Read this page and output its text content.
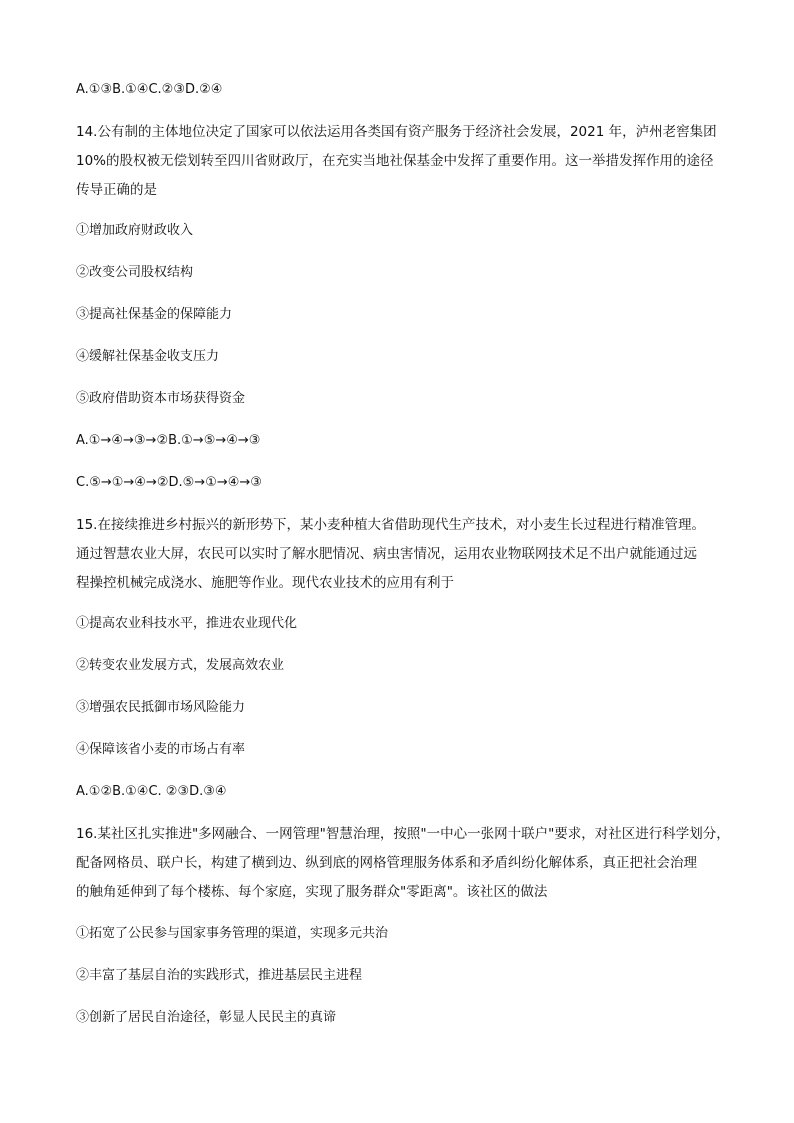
A.①③B.①④C.②③D.②④
14.公有制的主体地位决定了国家可以依法运用各类国有资产服务于经济社会发展，2021 年，泸州老窖集团
10%的股权被无偿划转至四川省财政厅，在充实当地社保基金中发挥了重要作用。这一举措发挥作用的途径
传导正确的是
①增加政府财政收入
②改变公司股权结构
③提高社保基金的保障能力
④缓解社保基金收支压力
⑤政府借助资本市场获得资金
A.①→④→③→②B.①→⑤→④→③
C.⑤→①→④→②D.⑤→①→④→③
15.在接续推进乡村振兴的新形势下，某小麦种植大省借助现代生产技术，对小麦生长过程进行精准管理。
通过智慧农业大屏，农民可以实时了解水肥情况、病虫害情况，运用农业物联网技术足不出户就能通过远
程操控机械完成浇水、施肥等作业。现代农业技术的应用有利于
①提高农业科技水平，推进农业现代化
②转变农业发展方式，发展高效农业
③增强农民抵御市场风险能力
④保障该省小麦的市场占有率
A.①②B.①④C. ②③D.③④
16.某社区扎实推进"多网融合、一网管理"智慧治理，按照"一中心一张网十联户"要求，对社区进行科学划分，
配备网格员、联户长，构建了横到边、纵到底的网格管理服务体系和矛盾纠纷化解体系，真正把社会治理
的触角延伸到了每个楼栋、每个家庭，实现了服务群众"零距离"。该社区的做法
①拓宽了公民参与国家事务管理的渠道，实现多元共治
②丰富了基层自治的实践形式，推进基层民主进程
③创新了居民自治途径，彰显人民民主的真谛
